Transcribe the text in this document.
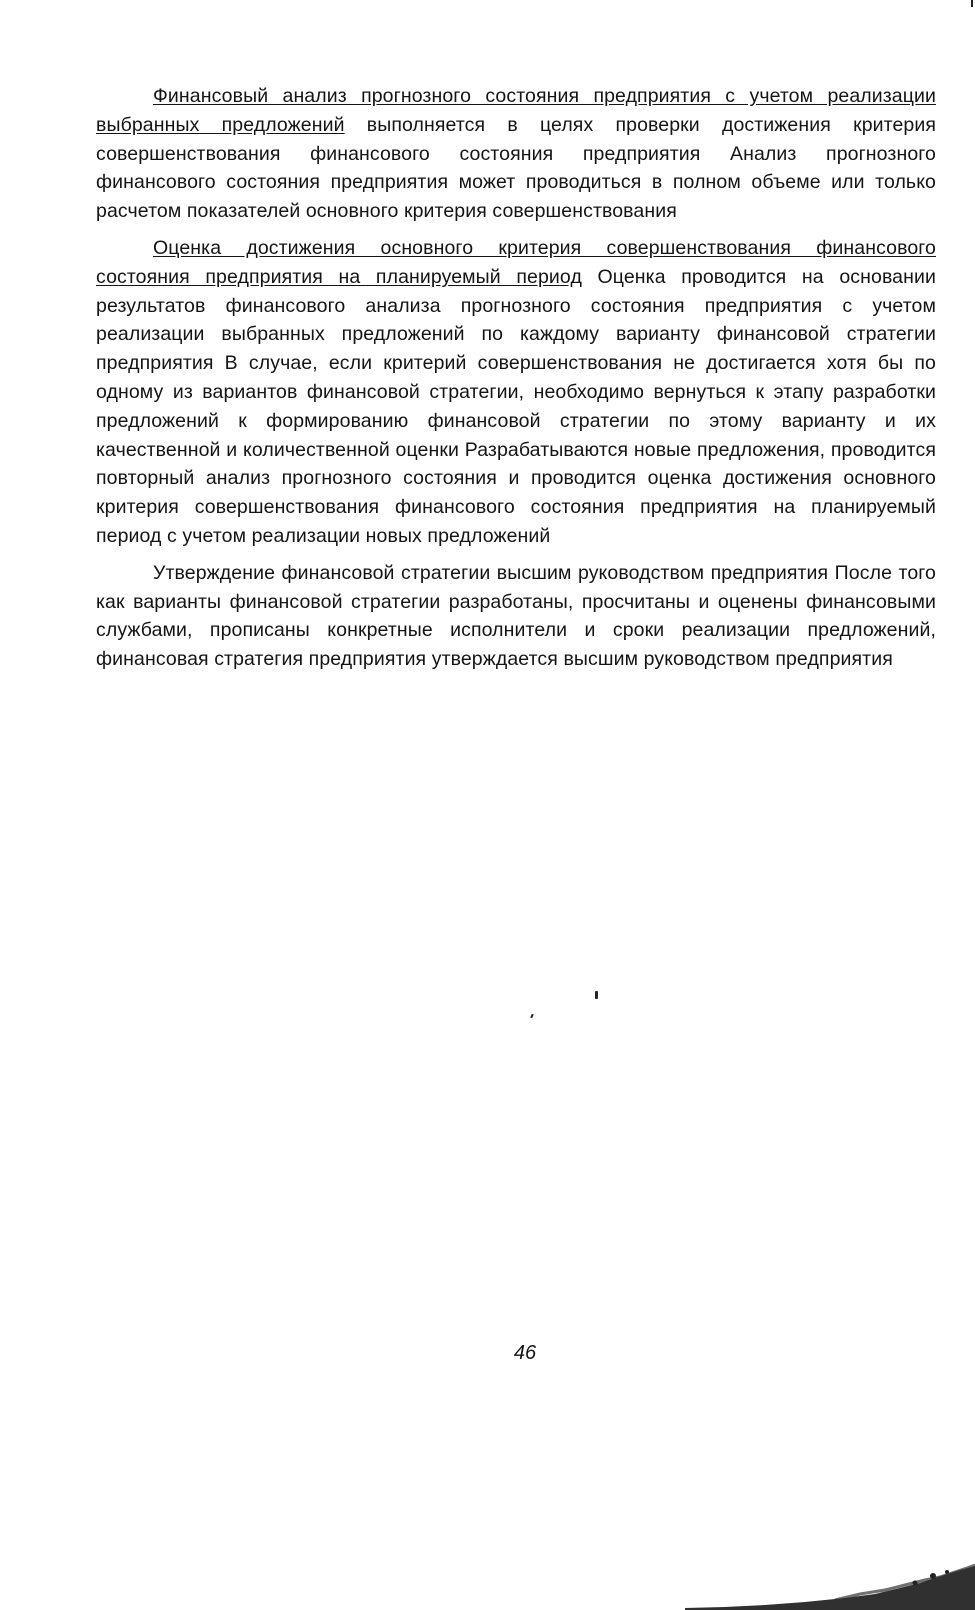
Финансовый анализ прогнозного состояния предприятия с учетом реализации выбранных предложений выполняется в целях проверки достижения критерия совершенствования финансового состояния предприятия Анализ прогнозного финансового состояния предприятия может проводиться в полном объеме или только расчетом показателей основного критерия совершенствования

Оценка достижения основного критерия совершенствования финансового состояния предприятия на планируемый период Оценка проводится на основании результатов финансового анализа прогнозного состояния предприятия с учетом реализации выбранных предложений по каждому варианту финансовой стратегии предприятия В случае, если критерий совершенствования не достигается хотя бы по одному из вариантов финансовой стратегии, необходимо вернуться к этапу разработки предложений к формированию финансовой стратегии по этому варианту и их качественной и количественной оценки Разрабатываются новые предложения, проводится повторный анализ прогнозного состояния и проводится оценка достижения основного критерия совершенствования финансового состояния предприятия на планируемый период с учетом реализации новых предложений

Утверждение финансовой стратегии высшим руководством предприятия После того как варианты финансовой стратегии разработаны, просчитаны и оценены финансовыми службами, прописаны конкретные исполнители и сроки реализации предложений, финансовая стратегия предприятия утверждается высшим руководством предприятия

46
